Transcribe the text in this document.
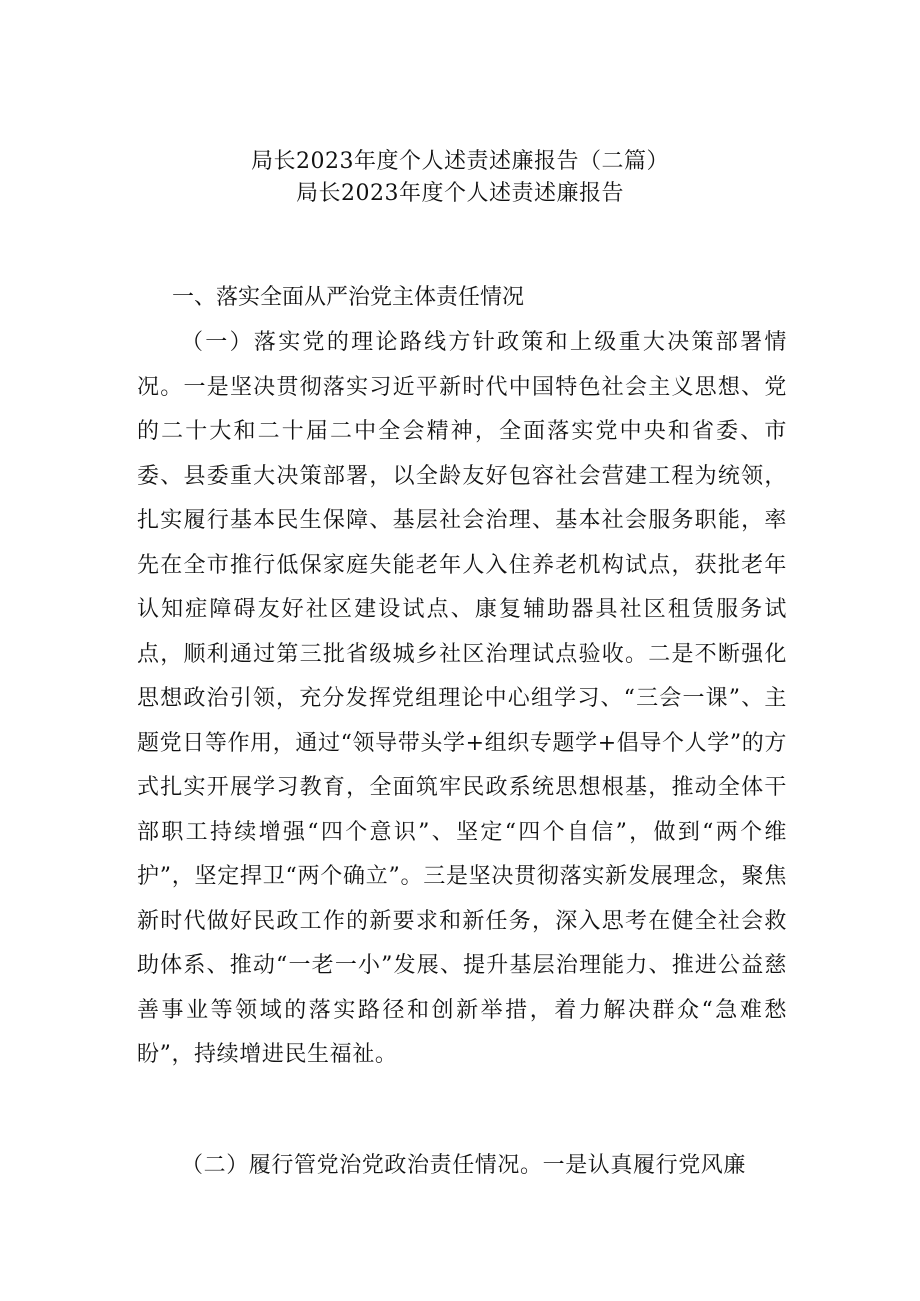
局长2023年度个人述责述廉报告（二篇）
局长2023年度个人述责述廉报告
一、落实全面从严治党主体责任情况

（一）落实党的理论路线方针政策和上级重大决策部署情况。一是坚决贯彻落实习近平新时代中国特色社会主义思想、党的二十大和二十届二中全会精神，全面落实党中央和省委、市委、县委重大决策部署，以全龄友好包容社会营建工程为统领，扎实履行基本民生保障、基层社会治理、基本社会服务职能，率先在全市推行低保家庭失能老年人入住养老机构试点，获批老年认知症障碍友好社区建设试点、康复辅助器具社区租赁服务试点，顺利通过第三批省级城乡社区治理试点验收。二是不断强化思想政治引领，充分发挥党组理论中心组学习、“三会一课”、主题党日等作用，通过“领导带头学+组织专题学+倡导个人学”的方式扎实开展学习教育，全面筑牢民政系统思想根基，推动全体干部职工持续增强“四个意识”、坚定“四个自信”，做到“两个维护”，坚定捍卫“两个确立”。三是坚决贯彻落实新发展理念，聚焦新时代做好民政工作的新要求和新任务，深入思考在健全社会救助体系、推动“一老一小”发展、提升基层治理能力、推进公益慈善事业等领域的落实路径和创新举措，着力解决群众“急难愁盼”，持续增进民生福祉。

（二）履行管党治党政治责任情况。一是认真履行党风廉
